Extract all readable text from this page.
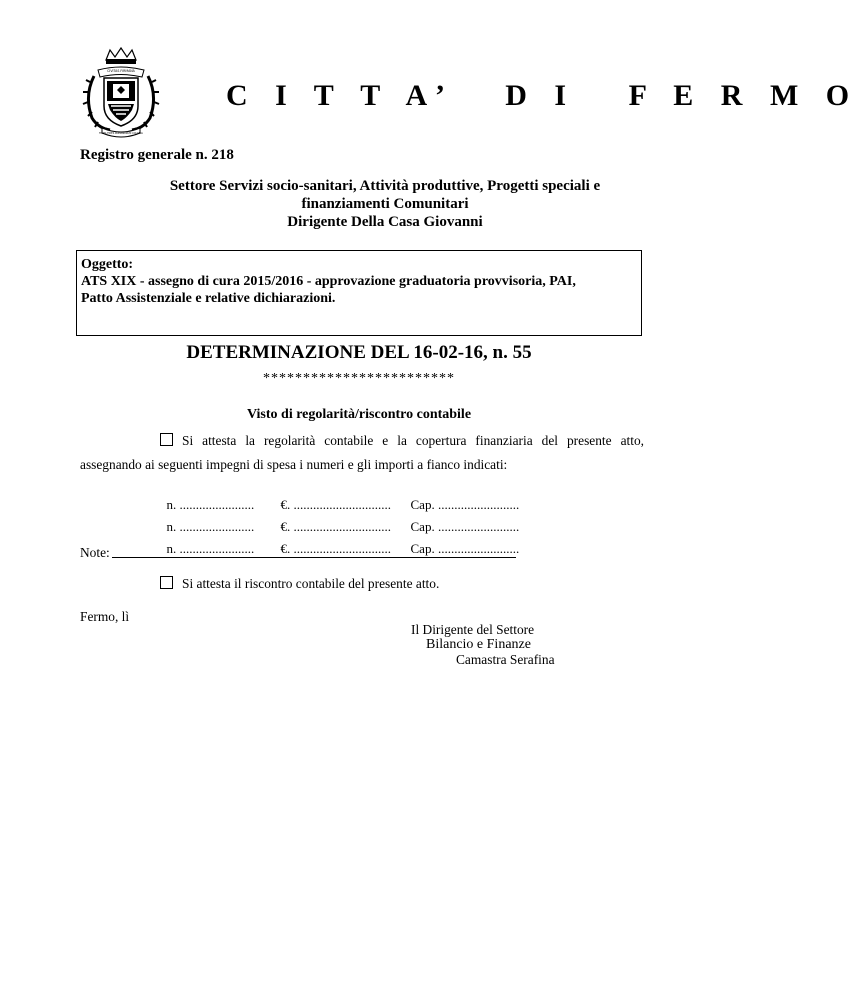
CIVITAS FIRMANA
FIRMA FIDES ROMANORUM COLONIA
C I T T A’   D I   F E R M O
Registro generale n. 218
Settore Servizi socio-sanitari, Attività produttive, Progetti speciali e
finanziamenti Comunitari
Dirigente Della Casa Giovanni
Oggetto:
ATS XIX - assegno di cura 2015/2016 - approvazione graduatoria provvisoria, PAI,
Patto Assistenziale e relative dichiarazioni.
DETERMINAZIONE DEL 16-02-16, n. 55
************************
Visto di regolarità/riscontro contabile
Si attesta la regolarità contabile e la copertura finanziaria del presente atto,
assegnando ai seguenti impegni di spesa i numeri e gli importi a fianco indicati:

n. ....................... €. .............................. Cap. .........................

n. ....................... €. .............................. Cap. .........................

n. ....................... €. .............................. Cap. .........................

Note:
Si attesta il riscontro contabile del presente atto.
Fermo, lì
Il Dirigente del Settore
Bilancio e Finanze
Camastra Serafina
